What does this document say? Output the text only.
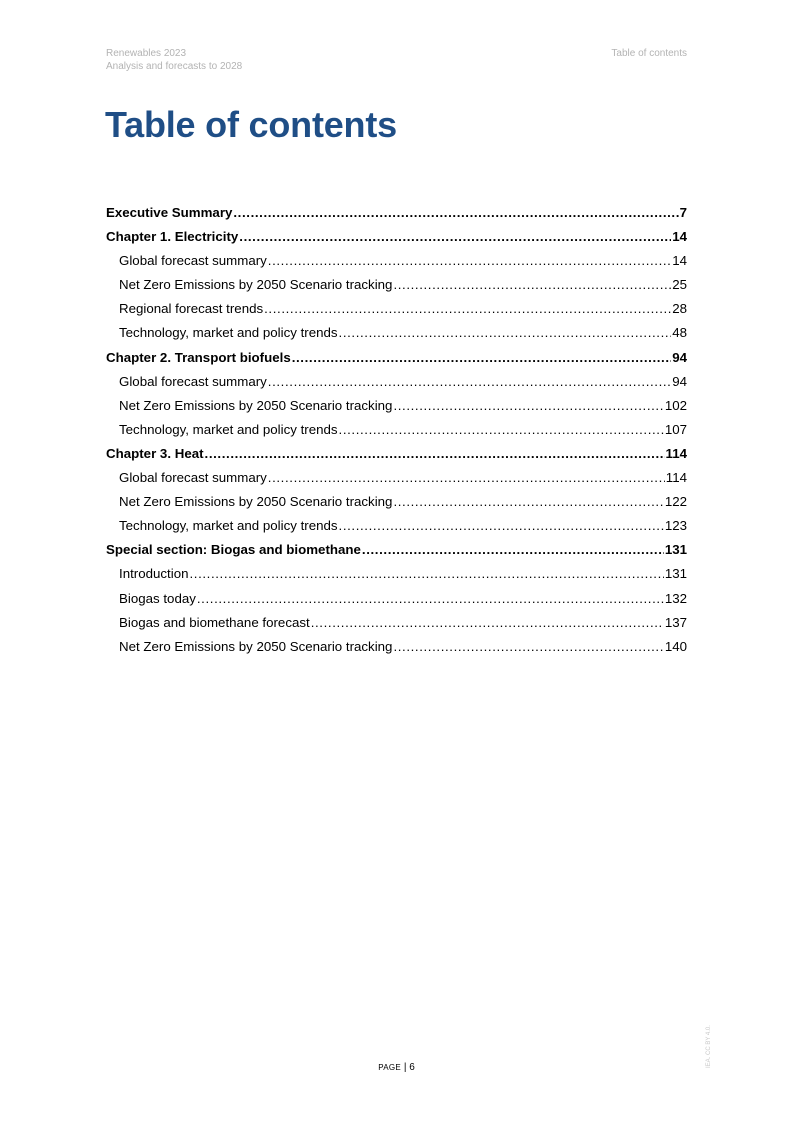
Renewables 2023
Analysis and forecasts to 2028
Table of contents
Table of contents
Executive Summary .....	7
Chapter 1. Electricity .....	14
Global forecast summary .....	14
Net Zero Emissions by 2050 Scenario tracking .....	25
Regional forecast trends .....	28
Technology, market and policy trends .....	48
Chapter 2. Transport biofuels .....	94
Global forecast summary .....	94
Net Zero Emissions by 2050 Scenario tracking .....	102
Technology, market and policy trends .....	107
Chapter 3. Heat .....	114
Global forecast summary .....	114
Net Zero Emissions by 2050 Scenario tracking .....	122
Technology, market and policy trends .....	123
Special section: Biogas and biomethane .....	131
Introduction .....	131
Biogas today .....	132
Biogas and biomethane forecast .....	137
Net Zero Emissions by 2050 Scenario tracking .....	140
PAGE | 6	IEA. CC BY 4.0.
